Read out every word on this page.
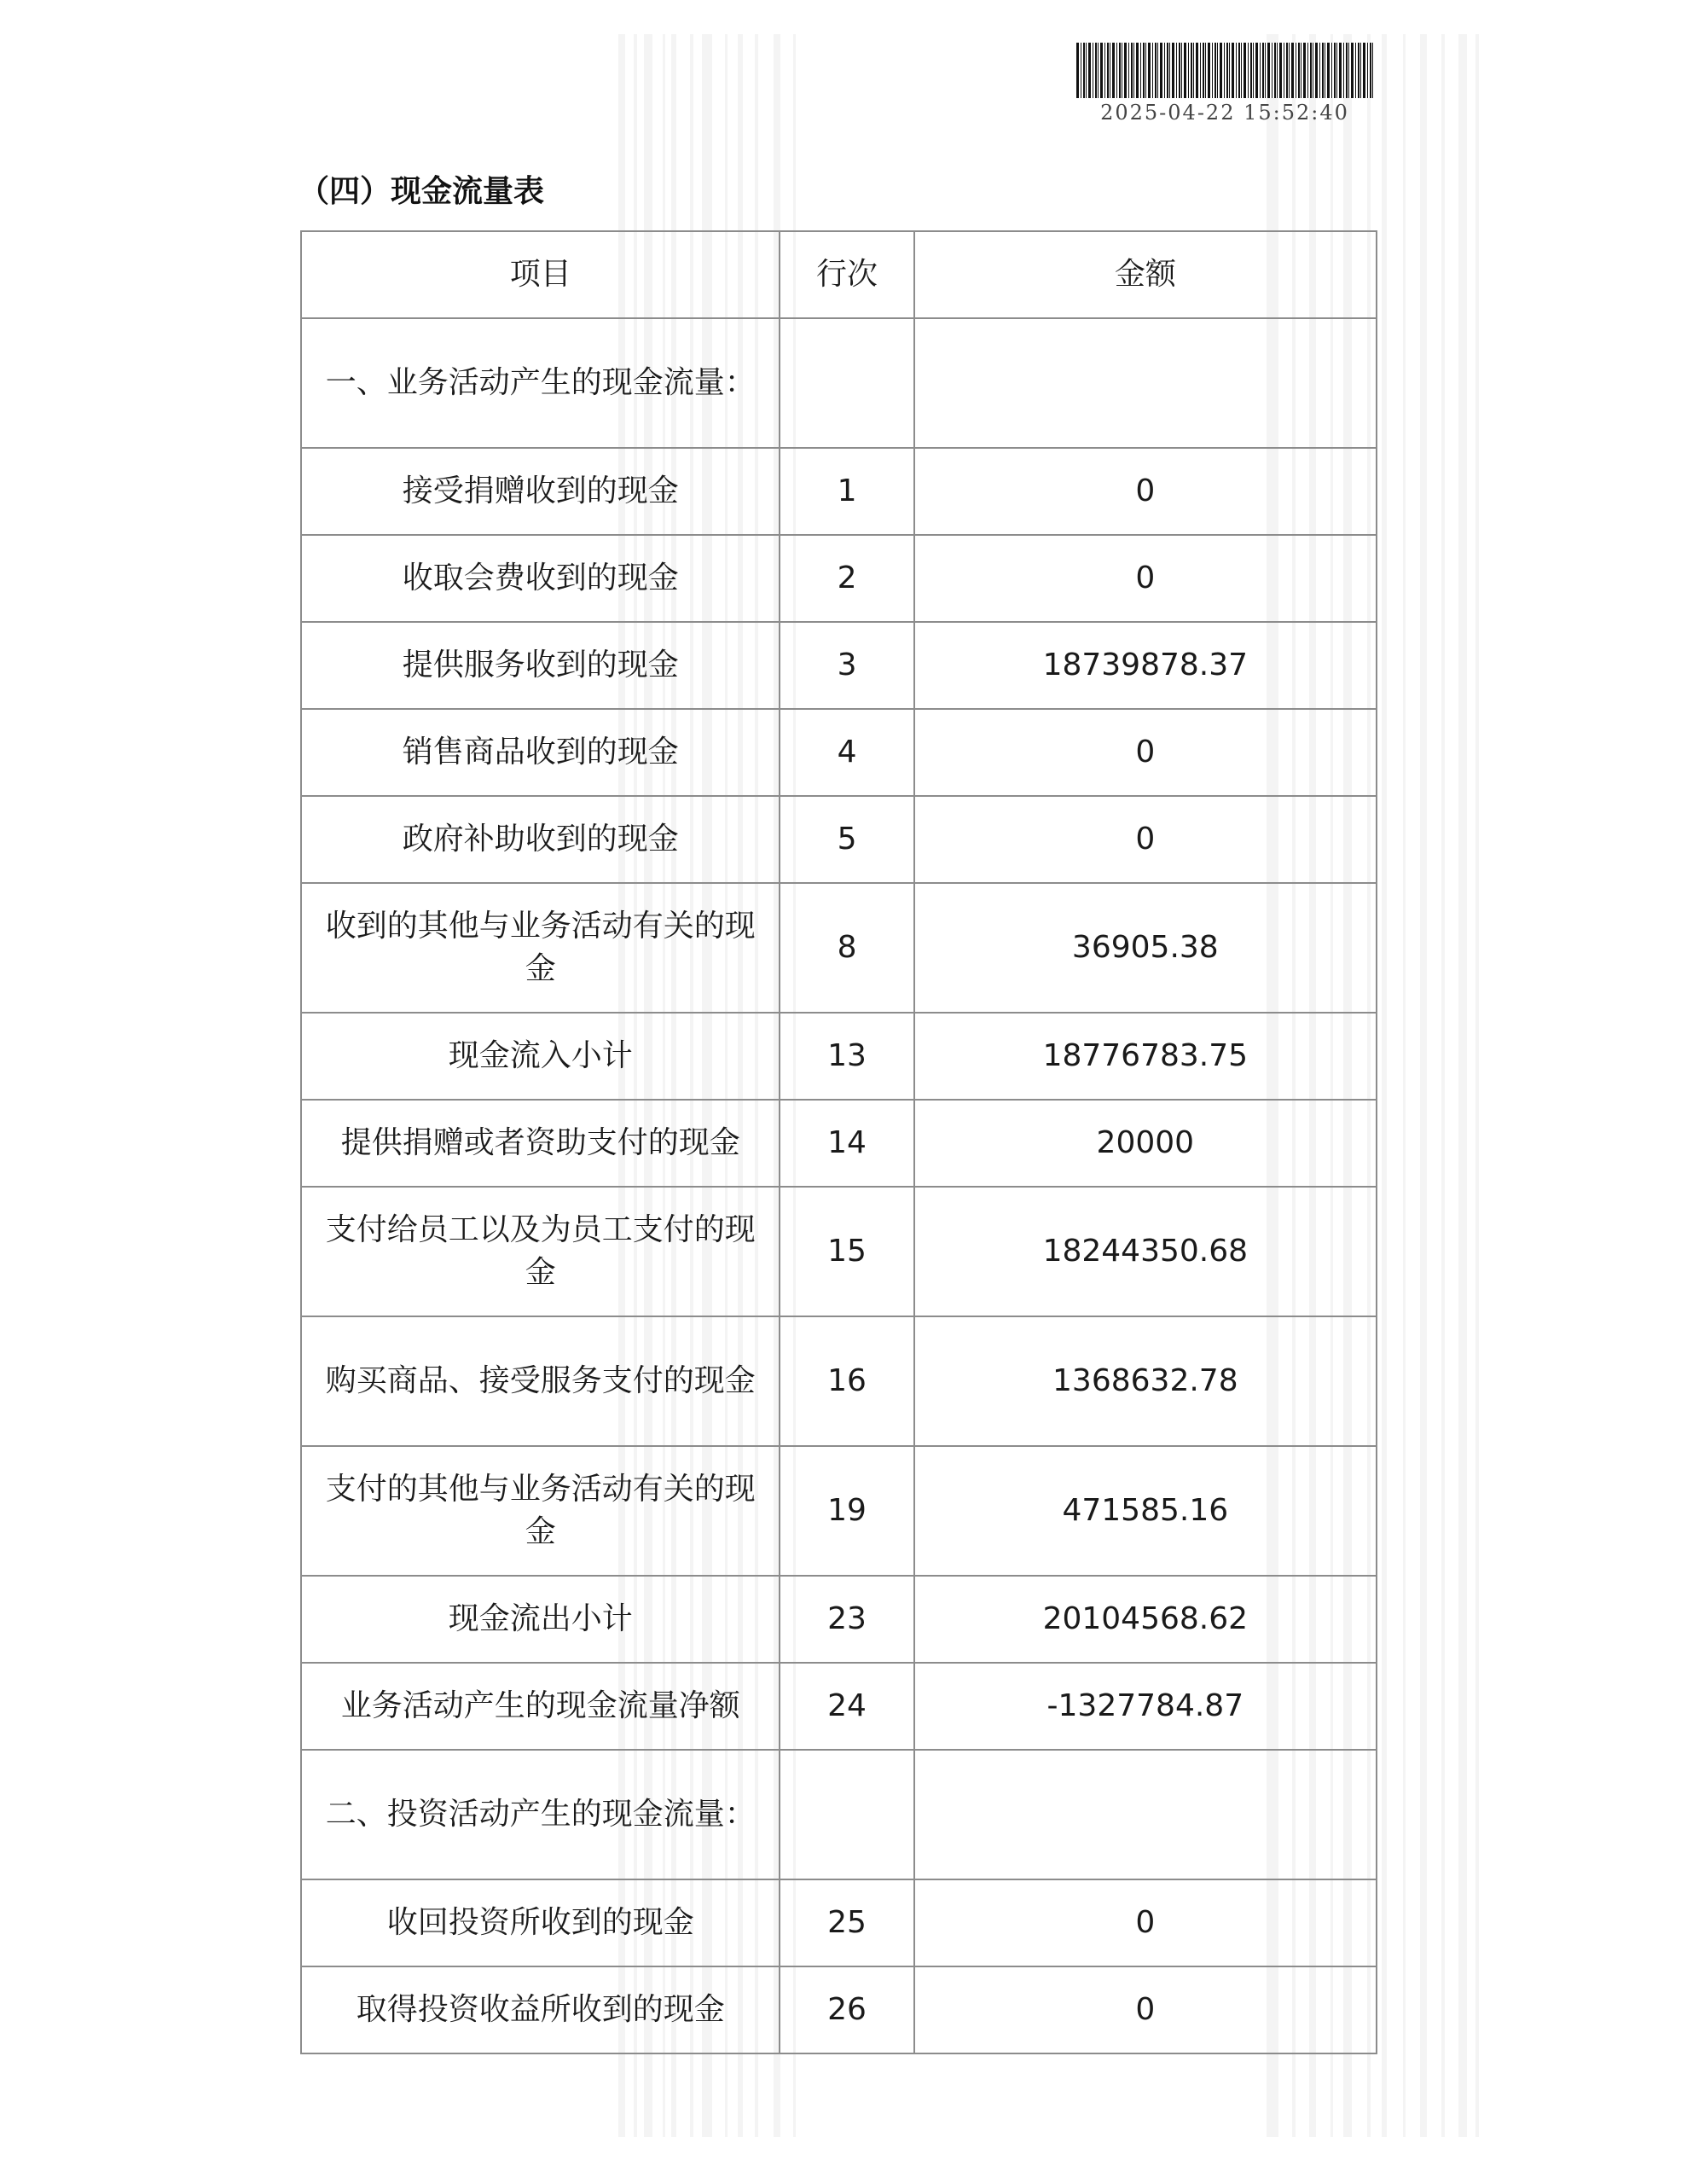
2025-04-22 15:52:40
（四）现金流量表
项目	行次	金额
一、业务活动产生的现金流量：		
接受捐赠收到的现金	1	0
收取会费收到的现金	2	0
提供服务收到的现金	3	18739878.37
销售商品收到的现金	4	0
政府补助收到的现金	5	0
收到的其他与业务活动有关的现金	8	36905.38
现金流入小计	13	18776783.75
提供捐赠或者资助支付的现金	14	20000
支付给员工以及为员工支付的现金	15	18244350.68
购买商品、接受服务支付的现金	16	1368632.78
支付的其他与业务活动有关的现金	19	471585.16
现金流出小计	23	20104568.62
业务活动产生的现金流量净额	24	-1327784.87
二、投资活动产生的现金流量：		
收回投资所收到的现金	25	0
取得投资收益所收到的现金	26	0
